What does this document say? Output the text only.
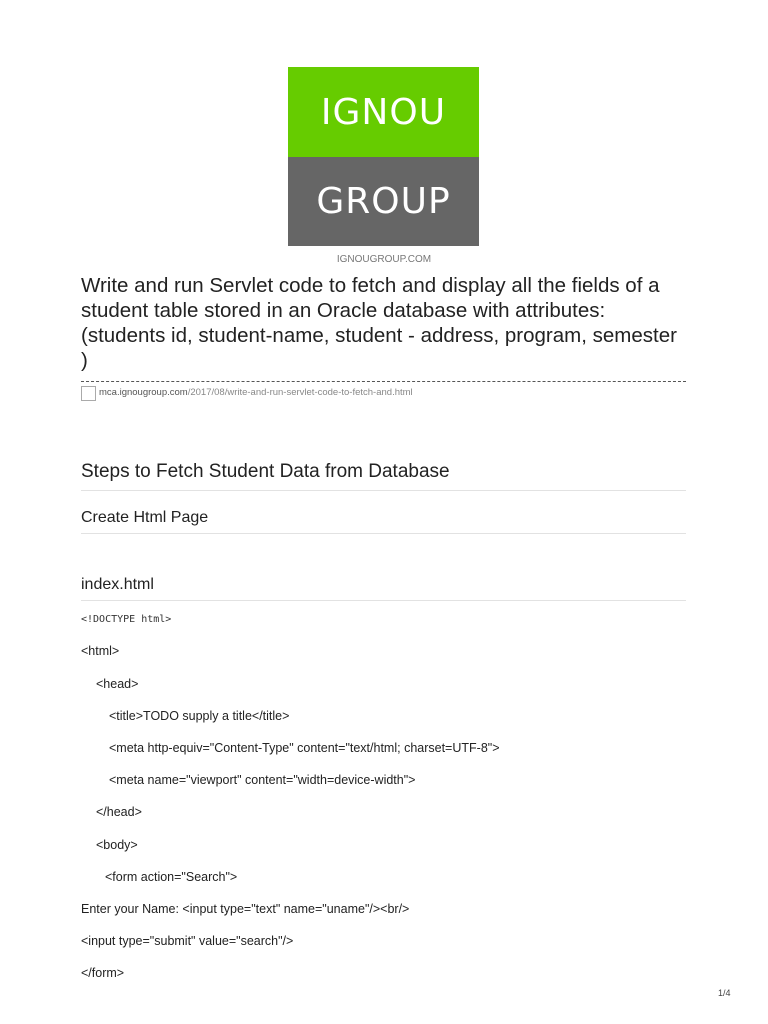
IGNOU
GROUP
IGNOUGROUP.COM
Write and run Servlet code to fetch and display all the fields of a student table stored in an Oracle database with attributes: (students id, student-name, student - address, program, semester )
mca.ignougroup.com/2017/08/write-and-run-servlet-code-to-fetch-and.html
Steps to Fetch Student Data from Database
Create Html Page
index.html
<!DOCTYPE html>
<html>
<head>
<title>TODO supply a title</title>
<meta http-equiv="Content-Type" content="text/html; charset=UTF-8">
<meta name="viewport" content="width=device-width">
</head>
<body>
<form action="Search">
Enter your Name: <input type="text" name="uname"/><br/>
<input type="submit" value="search"/>
</form>
1/4
